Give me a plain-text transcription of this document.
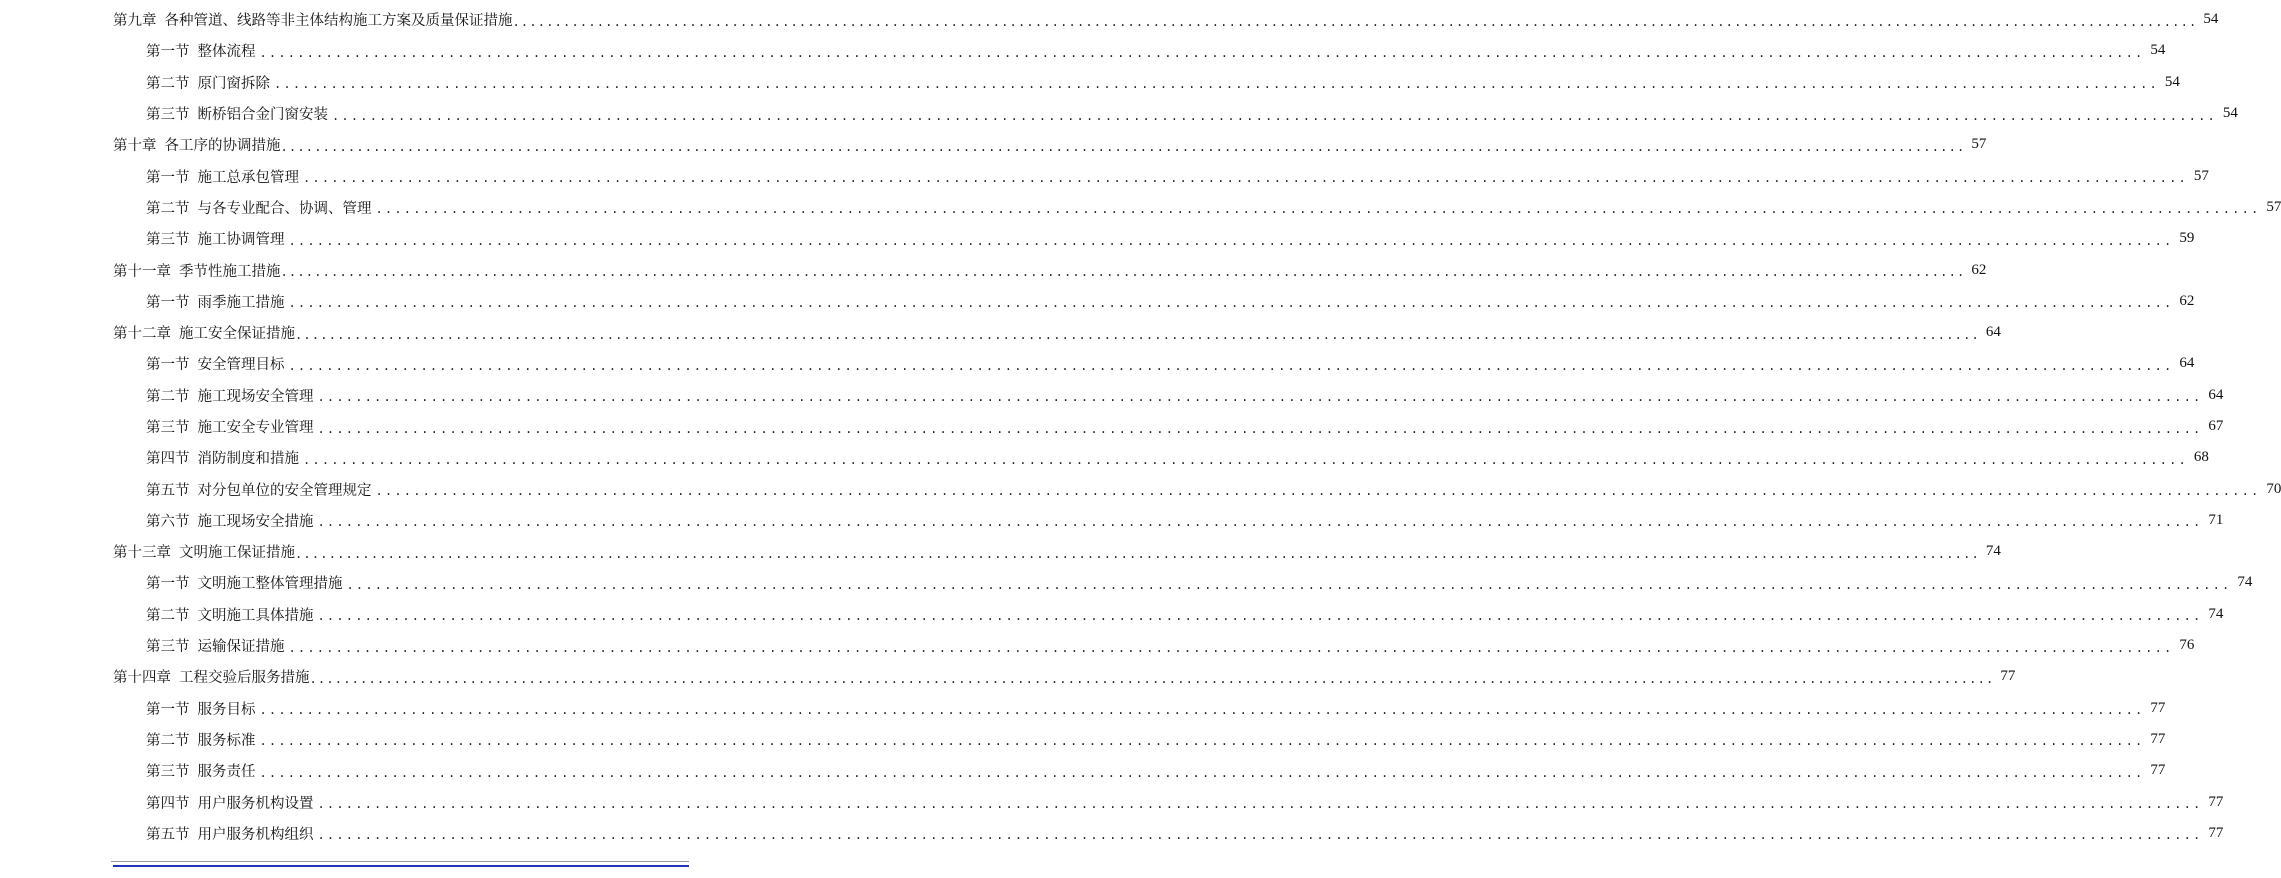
第九章 各种管道、线路等非主体结构施工方案及质量保证措施 ........................................................................................................................................................................................................ 54
第一节 整体流程 ........................................................................................................................................................................................................ 54
第二节 原门窗拆除 ........................................................................................................................................................................................................ 54
第三节 断桥铝合金门窗安装 ........................................................................................................................................................................................................ 54
第十章 各工序的协调措施 ........................................................................................................................................................................................................ 57
第一节 施工总承包管理 ........................................................................................................................................................................................................ 57
第二节 与各专业配合、协调、管理 ........................................................................................................................................................................................................ 57
第三节 施工协调管理 ........................................................................................................................................................................................................ 59
第十一章 季节性施工措施 ........................................................................................................................................................................................................ 62
第一节 雨季施工措施 ........................................................................................................................................................................................................ 62
第十二章 施工安全保证措施 ........................................................................................................................................................................................................ 64
第一节 安全管理目标 ........................................................................................................................................................................................................ 64
第二节 施工现场安全管理 ........................................................................................................................................................................................................ 64
第三节 施工安全专业管理 ........................................................................................................................................................................................................ 67
第四节 消防制度和措施 ........................................................................................................................................................................................................ 68
第五节 对分包单位的安全管理规定 ........................................................................................................................................................................................................ 70
第六节 施工现场安全措施 ........................................................................................................................................................................................................ 71
第十三章 文明施工保证措施 ........................................................................................................................................................................................................ 74
第一节 文明施工整体管理措施 ........................................................................................................................................................................................................ 74
第二节 文明施工具体措施 ........................................................................................................................................................................................................ 74
第三节 运输保证措施 ........................................................................................................................................................................................................ 76
第十四章 工程交验后服务措施 ........................................................................................................................................................................................................ 77
第一节 服务目标 ........................................................................................................................................................................................................ 77
第二节 服务标准 ........................................................................................................................................................................................................ 77
第三节 服务责任 ........................................................................................................................................................................................................ 77
第四节 用户服务机构设置 ........................................................................................................................................................................................................ 77
第五节 用户服务机构组织 ........................................................................................................................................................................................................ 77
